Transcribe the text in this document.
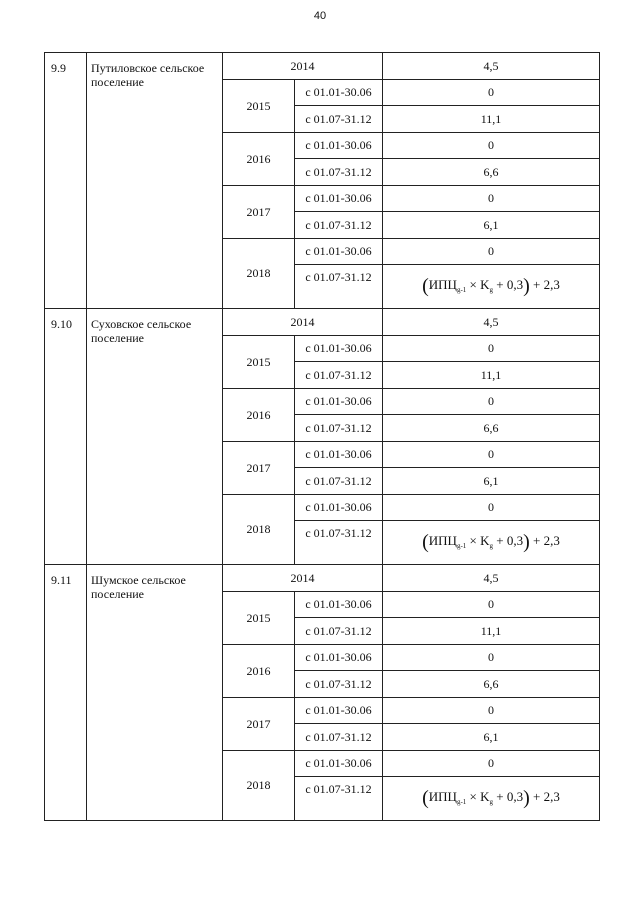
40
9.9	Путиловское сельское поселение	2014		4,5
		2015	с 01.01-30.06	0
			с 01.07-31.12	11,1
		2016	с 01.01-30.06	0
			с 01.07-31.12	6,6
		2017	с 01.01-30.06	0
			с 01.07-31.12	6,1
		2018	с 01.01-30.06	0
			с 01.07-31.12	$(ИПЦ_{g-1} \times K_g + 0,3) + 2,3$
9.10	Суховское сельское поселение	2014		4,5
		2015	с 01.01-30.06	0
			с 01.07-31.12	11,1
		2016	с 01.01-30.06	0
			с 01.07-31.12	6,6
		2017	с 01.01-30.06	0
			с 01.07-31.12	6,1
		2018	с 01.01-30.06	0
			с 01.07-31.12	$(ИПЦ_{g-1} \times K_g + 0,3) + 2,3$
9.11	Шумское сельское поселение	2014		4,5
		2015	с 01.01-30.06	0
			с 01.07-31.12	11,1
		2016	с 01.01-30.06	0
			с 01.07-31.12	6,6
		2017	с 01.01-30.06	0
			с 01.07-31.12	6,1
		2018	с 01.01-30.06	0
			с 01.07-31.12	$(ИПЦ_{g-1} \times K_g + 0,3) + 2,3$
